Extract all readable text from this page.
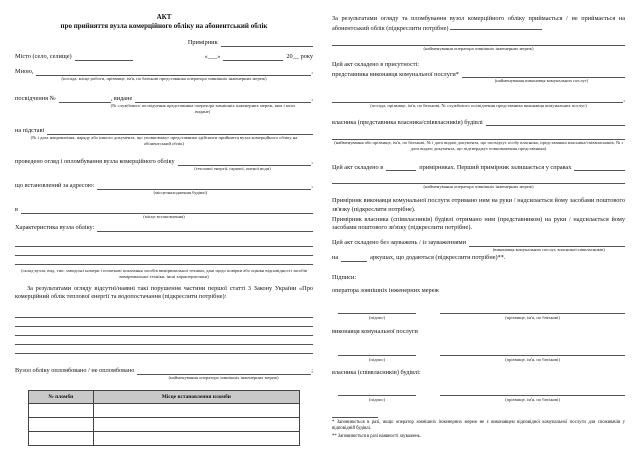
АКТ
про прийняття вузла комерційного обліку на абонентський облік
Примірник
Місто (село, селище)	«___»	20__ року
Мною,	,
(посада, місце роботи, прізвище, ім'я, по батькові представника оператора зовнішніх інженерних мереж)
посвідчення №	, видане	,
(№ службового посвідчення представника оператора зовнішніх інженерних мереж, ким і коли видане)
на підставі
(№ і дата направлення, наряду або іншого документа, що уповноважує представника здійснити прийняття вузла комерційного обліку на абонентський облік)
проведено огляд і опломбування вузла комерційного обліку	,
(теплової енергії, гарячої, питної води)
що встановлений за адресою:	,
(місцезнаходження будівлі)
в
(місце встановлення)
Характеристика вузла обліку:
(склад вузла, вид, тип, заводські номери і початкові показання засобів вимірювальної техніки, дані щодо повірки або оцінки відповідності засобів вимірювальної техніки, інші характеристики)
За результатами огляду відсутні/наявні такі порушення частини першої статті 3 Закону України «Про комерційний облік теплової енергії та водопостачання (підкреслити потрібне):
Вузол обліку опломбовано / не опломбовано	;
(найменування оператора зовнішніх інженерних мереж)
№ пломби	Місце встановлення пломби

За результатами огляду та пломбування вузол комерційного обліку приймається / не приймається на абонентський облік (підкреслити потрібне)
(найменування оператора зовнішніх інженерних мереж)
Цей акт складено в присутності:
представника виконавця комунальної послуги*
(найменування виконавця комунальних послуг)
,
(посада, прізвище, ім'я, по батькові, № службового посвідчення представника виконавця комунальних послуг)
власника (представника власника/співвласників) будівлі
(найменування або прізвище, ім'я, по батькові, № і дата видачі документа, що посвідчує особу власника, представника власника/співвласників, № і дата видачі документа, що підтверджує повноваження представника)
Цей акт складено в	примірниках. Перший примірник залишається у справах
(найменування оператора зовнішніх інженерних мереж)
Примірник виконавця комунальної послуги отримано ним на руки / надсилається йому засобами поштового зв'язку (підкреслити потрібне).
Примірник власника (співвласників) будівлі отримано ним (представником) на руки / надсилається йому засобами поштового зв'язку (підкреслити потрібне).
Цей акт складено без зауважень / із зауваженнями
(виконавця комунальних послуг, власника/співвласників)
на	аркушах, що додаються (підкреслити потрібне)**.
Підписи:
оператора зовнішніх інженерних мереж
(підпис)	(прізвище, ім'я, по батькові)
виконавця комунальної послуги
(підпис)	(прізвище, ім'я, по батькові)
власника (співвласників) будівлі:
(підпис)	(прізвище, ім'я, по батькові)
* Заповнюється в разі, якщо оператор зовнішніх інженерних мереж не є виконавцем відповідної комунальної послуги для споживачів у відповідній будівлі.
** Заповнюється в разі наявності зауважень.
